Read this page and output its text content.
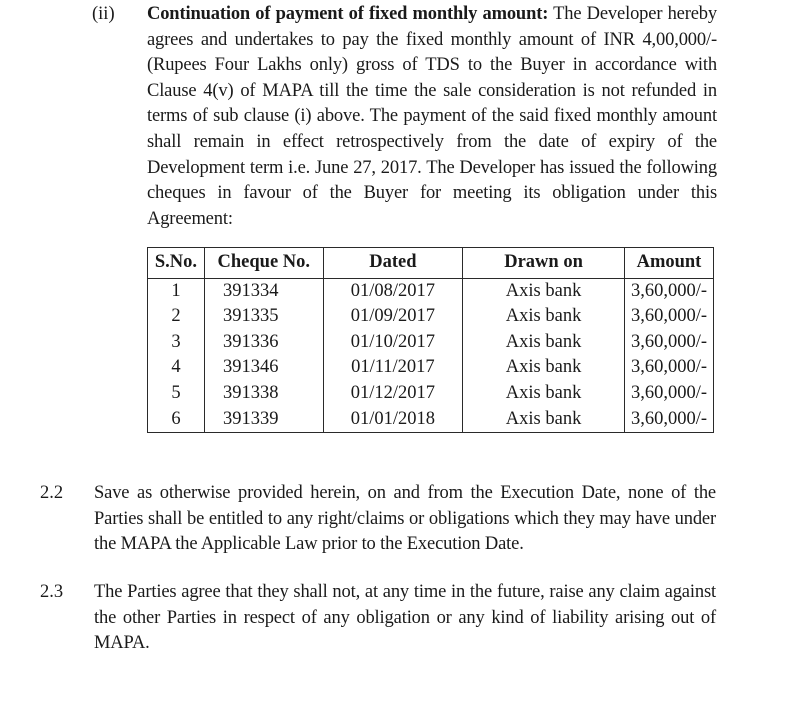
(ii) Continuation of payment of fixed monthly amount: The Developer hereby agrees and undertakes to pay the fixed monthly amount of INR 4,00,000/- (Rupees Four Lakhs only) gross of TDS to the Buyer in accordance with Clause 4(v) of MAPA till the time the sale consideration is not refunded in terms of sub clause (i) above. The payment of the said fixed monthly amount shall remain in effect retrospectively from the date of expiry of the Development term i.e. June 27, 2017. The Developer has issued the following cheques in favour of the Buyer for meeting its obligation under this Agreement:
S.No.	Cheque No.	Dated	Drawn on	Amount
1	391334	01/08/2017	Axis bank	3,60,000/-
2	391335	01/09/2017	Axis bank	3,60,000/-
3	391336	01/10/2017	Axis bank	3,60,000/-
4	391346	01/11/2017	Axis bank	3,60,000/-
5	391338	01/12/2017	Axis bank	3,60,000/-
6	391339	01/01/2018	Axis bank	3,60,000/-
2.2 Save as otherwise provided herein, on and from the Execution Date, none of the Parties shall be entitled to any right/claims or obligations which they may have under the MAPA the Applicable Law prior to the Execution Date.
2.3 The Parties agree that they shall not, at any time in the future, raise any claim against the other Parties in respect of any obligation or any kind of liability arising out of MAPA.
